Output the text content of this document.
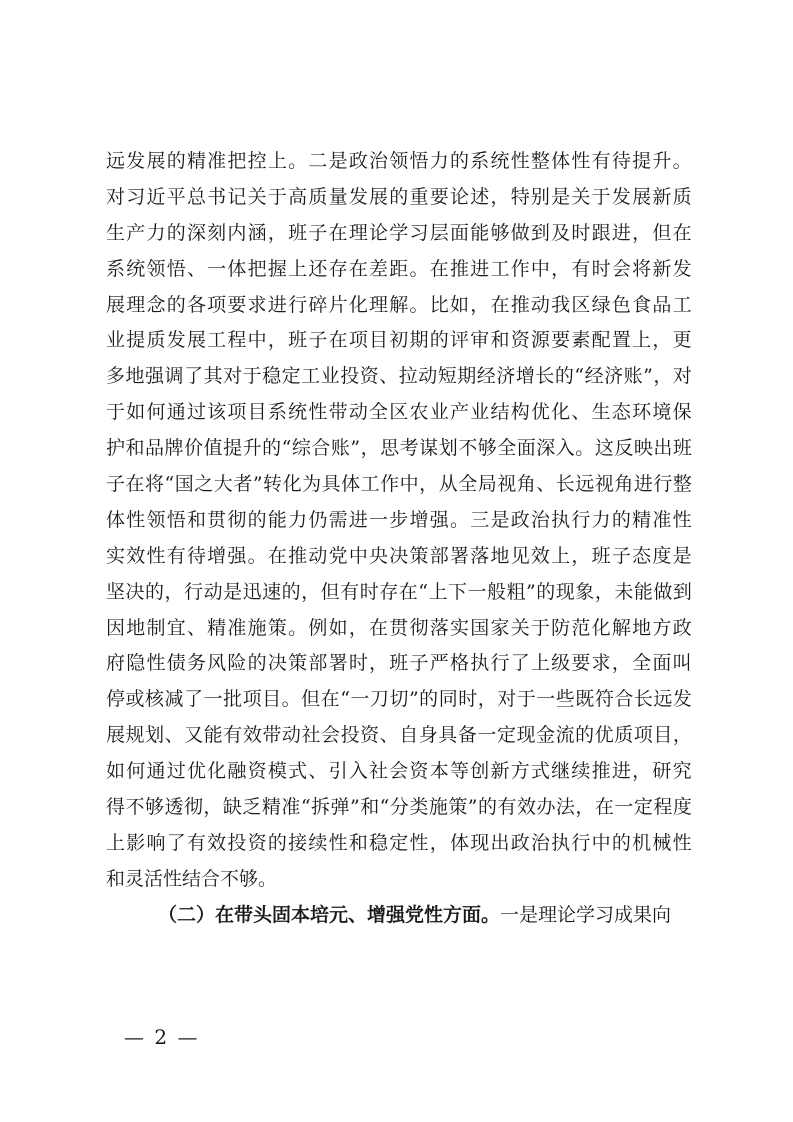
远 发 展 的 精 准 把 控 上 。 二 是 政 治 领 悟 力 的 系 统 性 整 体 性 有 待 提 升 。
对 习 近 平 总 书 记 关 于 高 质 量 发 展 的 重 要 论 述 ， 特 别 是 关 于 发 展 新 质
生 产 力 的 深 刻 内 涵 ， 班 子 在 理 论 学 习 层 面 能 够 做 到 及 时 跟 进 ， 但 在
系 统 领 悟 、 一 体 把 握 上 还 存 在 差 距 。 在 推 进 工 作 中 ， 有 时 会 将 新 发
展 理 念 的 各 项 要 求 进 行 碎 片 化 理 解 。 比 如 ， 在 推 动 我 区 绿 色 食 品 工
业 提 质 发 展 工 程 中 ， 班 子 在 项 目 初 期 的 评 审 和 资 源 要 素 配 置 上 ， 更
多 地 强 调 了 其 对 于 稳 定 工 业 投 资 、 拉 动 短 期 经 济 增 长 的 “ 经 济 账 ” ， 对
于 如 何 通 过 该 项 目 系 统 性 带 动 全 区 农 业 产 业 结 构 优 化 、 生 态 环 境 保
护 和 品 牌 价 值 提 升 的 “ 综 合 账 ” ， 思 考 谋 划 不 够 全 面 深 入 。 这 反 映 出 班
子 在 将 “ 国 之 大 者 ” 转 化 为 具 体 工 作 中 ， 从 全 局 视 角 、 长 远 视 角 进 行 整
体 性 领 悟 和 贯 彻 的 能 力 仍 需 进 一 步 增 强 。 三 是 政 治 执 行 力 的 精 准 性
实 效 性 有 待 增 强 。 在 推 动 党 中 央 决 策 部 署 落 地 见 效 上 ， 班 子 态 度 是
坚 决 的 ， 行 动 是 迅 速 的 ， 但 有 时 存 在 “ 上 下 一 般 粗 ” 的 现 象 ， 未 能 做 到
因 地 制 宜 、 精 准 施 策 。 例 如 ， 在 贯 彻 落 实 国 家 关 于 防 范 化 解 地 方 政
府 隐 性 债 务 风 险 的 决 策 部 署 时 ， 班 子 严 格 执 行 了 上 级 要 求 ， 全 面 叫
停 或 核 减 了 一 批 项 目 。 但 在 “ 一 刀 切 ” 的 同 时 ， 对 于 一 些 既 符 合 长 远 发
展 规 划 、 又 能 有 效 带 动 社 会 投 资 、 自 身 具 备 一 定 现 金 流 的 优 质 项 目 ，
如 何 通 过 优 化 融 资 模 式 、 引 入 社 会 资 本 等 创 新 方 式 继 续 推 进 ， 研 究
得 不 够 透 彻 ， 缺 乏 精 准 “ 拆 弹 ” 和 “ 分 类 施 策 ” 的 有 效 办 法 ， 在 一 定 程 度
上 影 响 了 有 效 投 资 的 接 续 性 和 稳 定 性 ， 体 现 出 政 治 执 行 中 的 机 械 性
和灵活性结合不够。
（二）在带头固本培元、增强党性方面。 一是理论学习成果向
— 2 —
